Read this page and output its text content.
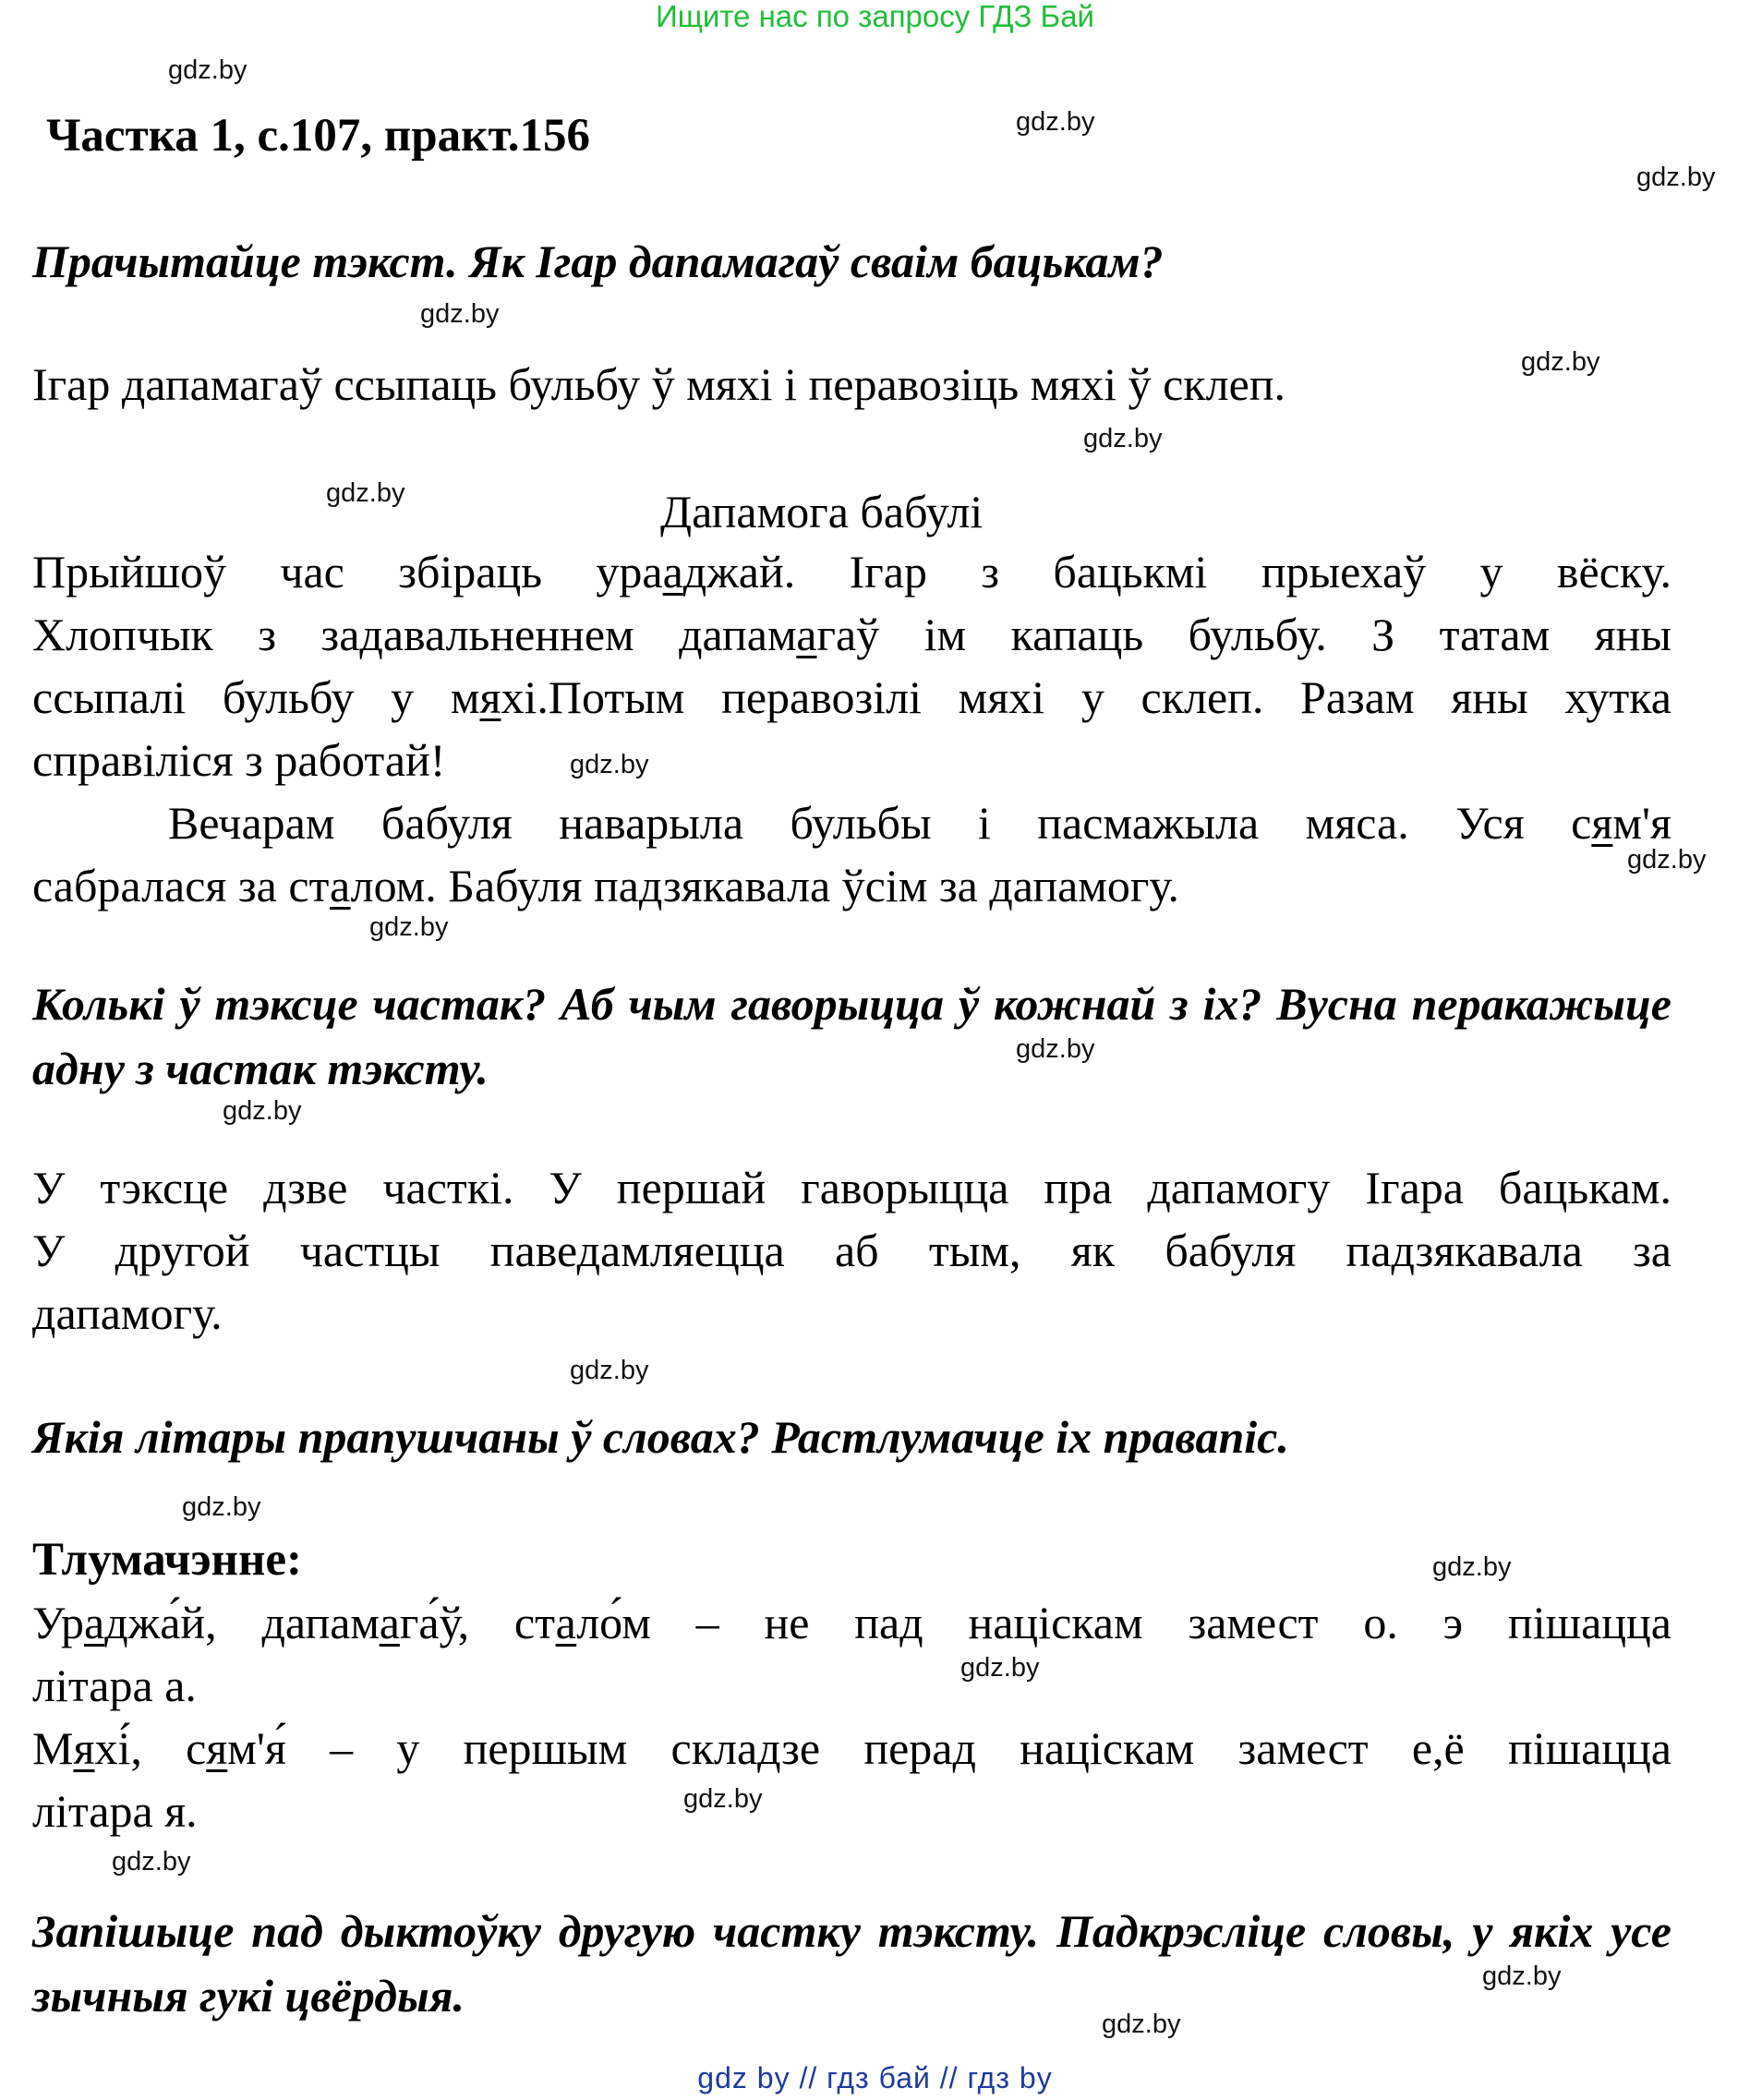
Ищите нас по запросу ГДЗ Бай
gdz.by
gdz.by
gdz.by
gdz.by
gdz.by
gdz.by
gdz.by
gdz.by
gdz.by
gdz.by
gdz.by
gdz.by
gdz.by
gdz.by
gdz.by
gdz.by
gdz.by
gdz.by
gdz.by
gdz.by
Частка 1, с.107, практ.156
Прачытайце тэкст. Як Ігар дапамагаў сваім бацькам?
Ігар дапамагаў ссыпаць бульбу ў мяхі і перавозіць мяхі ў склеп.
Дапамога бабулі
Прыйшоў час збіраць урааджай. Ігар з бацькмі прыехаў у вёску.
Хлопчык з задавальненнем дапамагаў ім капаць бульбу. З татам яны
ссыпалі бульбу у мяхі.Потым перавозілі мяхі у склеп. Разам яны хутка
справіліся з работай!
Вечарам бабуля наварыла бульбы і пасмажыла мяса. Уся сям'я
сабралася за сталом. Бабуля падзякавала ўсім за дапамогу.
Колькі ў тэксце частак? Аб чым гаворыцца ў кожнай з іх? Вусна перакажыце адну з частак тэксту.
У тэксце дзве часткі. У першай гаворыцца пра дапамогу Ігара бацькам.
У другой частцы паведамляецца аб тым, як бабуля падзякавала за
дапамогу.
Якія літары прапушчаны ў словах? Растлумачце іх правапіс.
Тлумачэнне:
Ураджа́й, дапамага́ў, стало́м – не пад націскам замест о. э пішацца
літара а.
Мяхі́, сям'я́ – у першым складзе перад націскам замест е,ё пішацца
літара я.
Запішыце пад дыктоўку другую частку тэксту. Падкрэсліце словы, у якіх усе зычныя гукі цвёрдыя.
gdz by // гдз бай // гдз by
